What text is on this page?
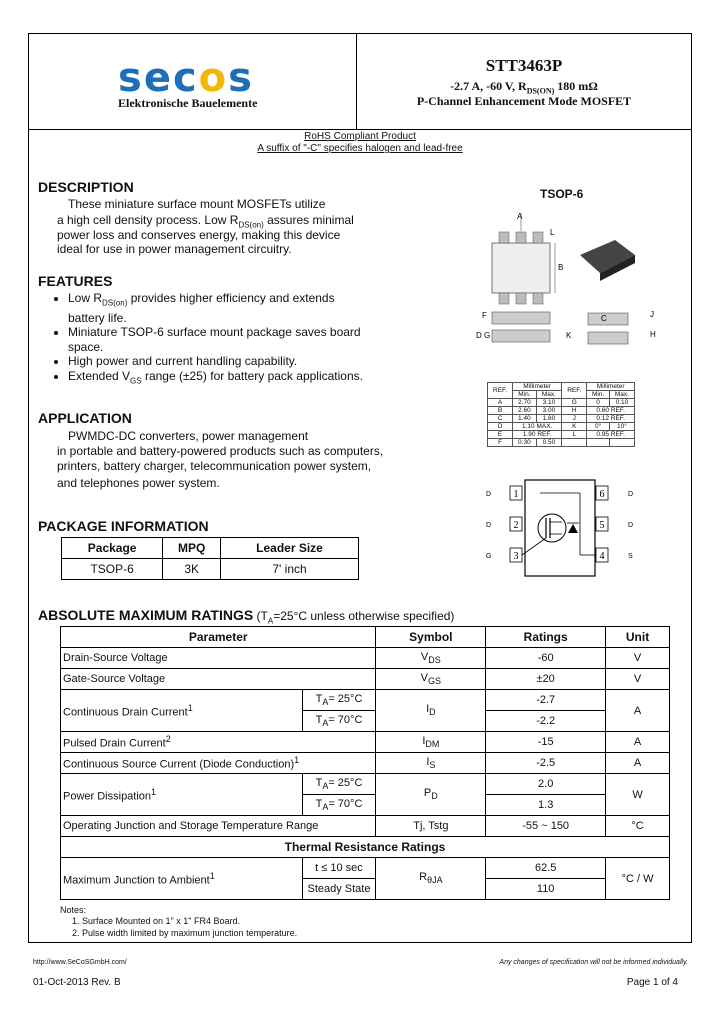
secos
Elektronische Bauelemente
STT3463P
-2.7 A, -60 V, $R_{DS(ON)}$ 180 mΩ
P-Channel Enhancement Mode MOSFET
RoHS Compliant Product
A suffix of "-C" specifies halogen and lead-free
DESCRIPTION
These miniature surface mount MOSFETs utilize
a high cell density process. Low $R_{DS(on)}$ assures minimal
power loss and conserves energy, making this device
ideal for use in power management circuitry.
FEATURES
• Low $R_{DS(on)}$ provides higher efficiency and extends battery life.
• Miniature TSOP-6 surface mount package saves board space.
• High power and current handling capability.
• Extended $V_{GS}$ range (±25) for battery pack applications.
APPLICATION
PWMDC-DC converters, power management
in portable and battery-powered products such as computers,
printers, battery charger, telecommunication power system,
and telephones power system.
PACKAGE INFORMATION
Package	MPQ	Leader Size
TSOP-6	3K	7' inch
TSOP-6
A
B
L
F
D G
C
K
J
H
REF.	Millimeter		REF.	Millimeter	
	Min.	Max.		Min.	Max.
A	2.70	3.10	G	0	0.10
B	2.60	3.00	H	0.60 REF.	
C	1.40	1.80	J	0.12 REF.	
D	1.10 MAX.		K	0°	10°
E	1.90 REF.		L	0.95 REF.	
F	0.30	0.50			
D
D
G
D
D
S
1
2
3
6
5
4
ABSOLUTE MAXIMUM RATINGS ($T_A=25^\circ C$ unless otherwise specified)
Parameter		Symbol	Ratings	Unit
Drain-Source Voltage		$V_{DS}$	-60	V
Gate-Source Voltage		$V_{GS}$	±20	V
Continuous Drain Current$^1$	$T_A= 25^\circ C$	$I_D$	-2.7	A
	$T_A= 70^\circ C$		-2.2	
Pulsed Drain Current$^2$		$I_{DM}$	-15	A
Continuous Source Current (Diode Conduction)$^1$		$I_S$	-2.5	A
Power Dissipation$^1$	$T_A= 25^\circ C$	$P_D$	2.0	W
	$T_A= 70^\circ C$		1.3	
Operating Junction and Storage Temperature Range		Tj, Tstg	-55 ~ 150	°C
Thermal Resistance Ratings				
Maximum Junction to Ambient$^1$	t ≤ 10 sec	$R_{\theta JA}$	62.5	°C / W
	Steady State		110	
Notes:
1. Surface Mounted on 1" x 1" FR4 Board.
2. Pulse width limited by maximum junction temperature.
http://www.SeCoSGmbH.com/	Any changes of specification will not be informed individually.
01-Oct-2013 Rev. B	Page 1 of 4
